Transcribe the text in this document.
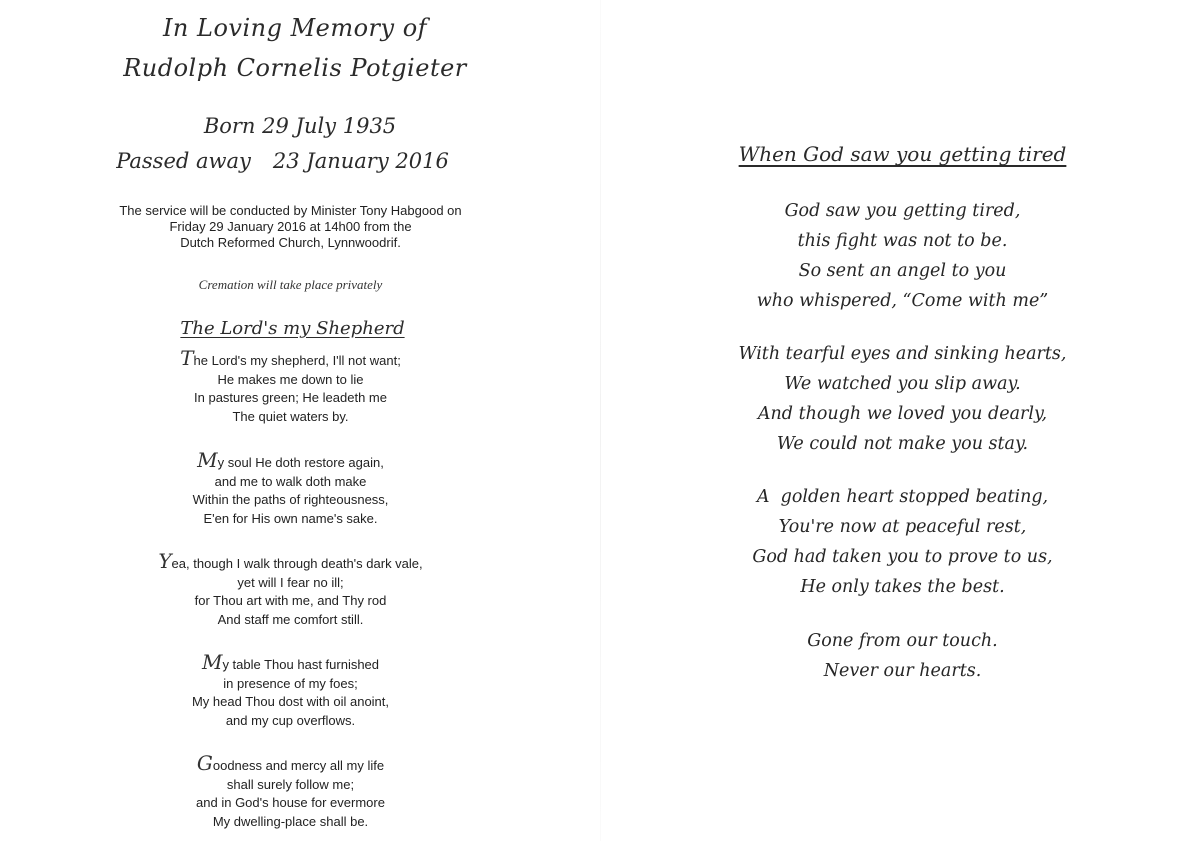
In Loving Memory of
Rudolph Cornelis Potgieter
Born 29 July 1935
Passed away 23 January 2016
The service will be conducted by Minister Tony Habgood on
Friday 29 January 2016 at 14h00 from the
Dutch Reformed Church, Lynnwoodrif.
Cremation will take place privately
The Lord's my Shepherd
The Lord's my shepherd, I'll not want;
He makes me down to lie
In pastures green; He leadeth me
The quiet waters by.
My soul He doth restore again,
and me to walk doth make
Within the paths of righteousness,
E'en for His own name's sake.
Yea, though I walk through death's dark vale,
yet will I fear no ill;
for Thou art with me, and Thy rod
And staff me comfort still.
My table Thou hast furnished
in presence of my foes;
My head Thou dost with oil anoint,
and my cup overflows.
Goodness and mercy all my life
shall surely follow me;
and in God's house for evermore
My dwelling-place shall be.
When God saw you getting tired
God saw you getting tired,
this fight was not to be.
So sent an angel to you
who whispered, “Come with me”
With tearful eyes and sinking hearts,
We watched you slip away.
And though we loved you dearly,
We could not make you stay.
A  golden heart stopped beating,
You're now at peaceful rest,
God had taken you to prove to us,
He only takes the best.
Gone from our touch.
Never our hearts.
